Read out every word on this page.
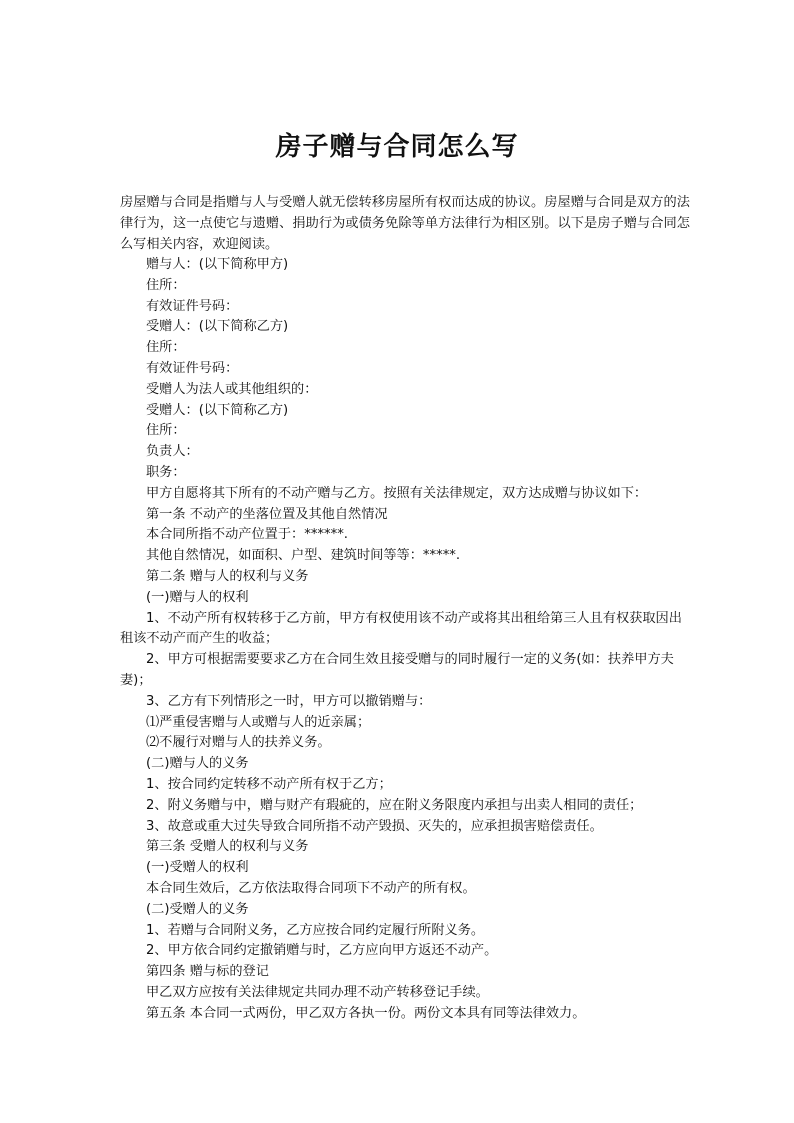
房子赠与合同怎么写

房屋赠与合同是指赠与人与受赠人就无偿转移房屋所有权而达成的协议。房屋赠与合同是双方的法律行为，这一点使它与遗赠、捐助行为或债务免除等单方法律行为相区别。以下是房子赠与合同怎么写相关内容，欢迎阅读。

赠与人：(以下简称甲方)
住所：
有效证件号码：
受赠人：(以下简称乙方)
住所：
有效证件号码：
受赠人为法人或其他组织的：
受赠人：(以下简称乙方)
住所：
负责人：
职务：
甲方自愿将其下所有的不动产赠与乙方。按照有关法律规定，双方达成赠与协议如下：
第一条 不动产的坐落位置及其他自然情况
本合同所指不动产位置于：******.
其他自然情况，如面积、户型、建筑时间等等：*****.
第二条 赠与人的权利与义务
(一)赠与人的权利
1、不动产所有权转移于乙方前，甲方有权使用该不动产或将其出租给第三人且有权获取因出租该不动产而产生的收益；
2、甲方可根据需要要求乙方在合同生效且接受赠与的同时履行一定的义务(如：扶养甲方夫妻)；
3、乙方有下列情形之一时，甲方可以撤销赠与：
⑴严重侵害赠与人或赠与人的近亲属；
⑵不履行对赠与人的扶养义务。
(二)赠与人的义务
1、按合同约定转移不动产所有权于乙方；
2、附义务赠与中，赠与财产有瑕疵的，应在附义务限度内承担与出卖人相同的责任；
3、故意或重大过失导致合同所指不动产毁损、灭失的，应承担损害赔偿责任。
第三条 受赠人的权利与义务
(一)受赠人的权利
本合同生效后，乙方依法取得合同项下不动产的所有权。
(二)受赠人的义务
1、若赠与合同附义务，乙方应按合同约定履行所附义务。
2、甲方依合同约定撤销赠与时，乙方应向甲方返还不动产。
第四条 赠与标的登记
甲乙双方应按有关法律规定共同办理不动产转移登记手续。
第五条 本合同一式两份，甲乙双方各执一份。两份文本具有同等法律效力。
